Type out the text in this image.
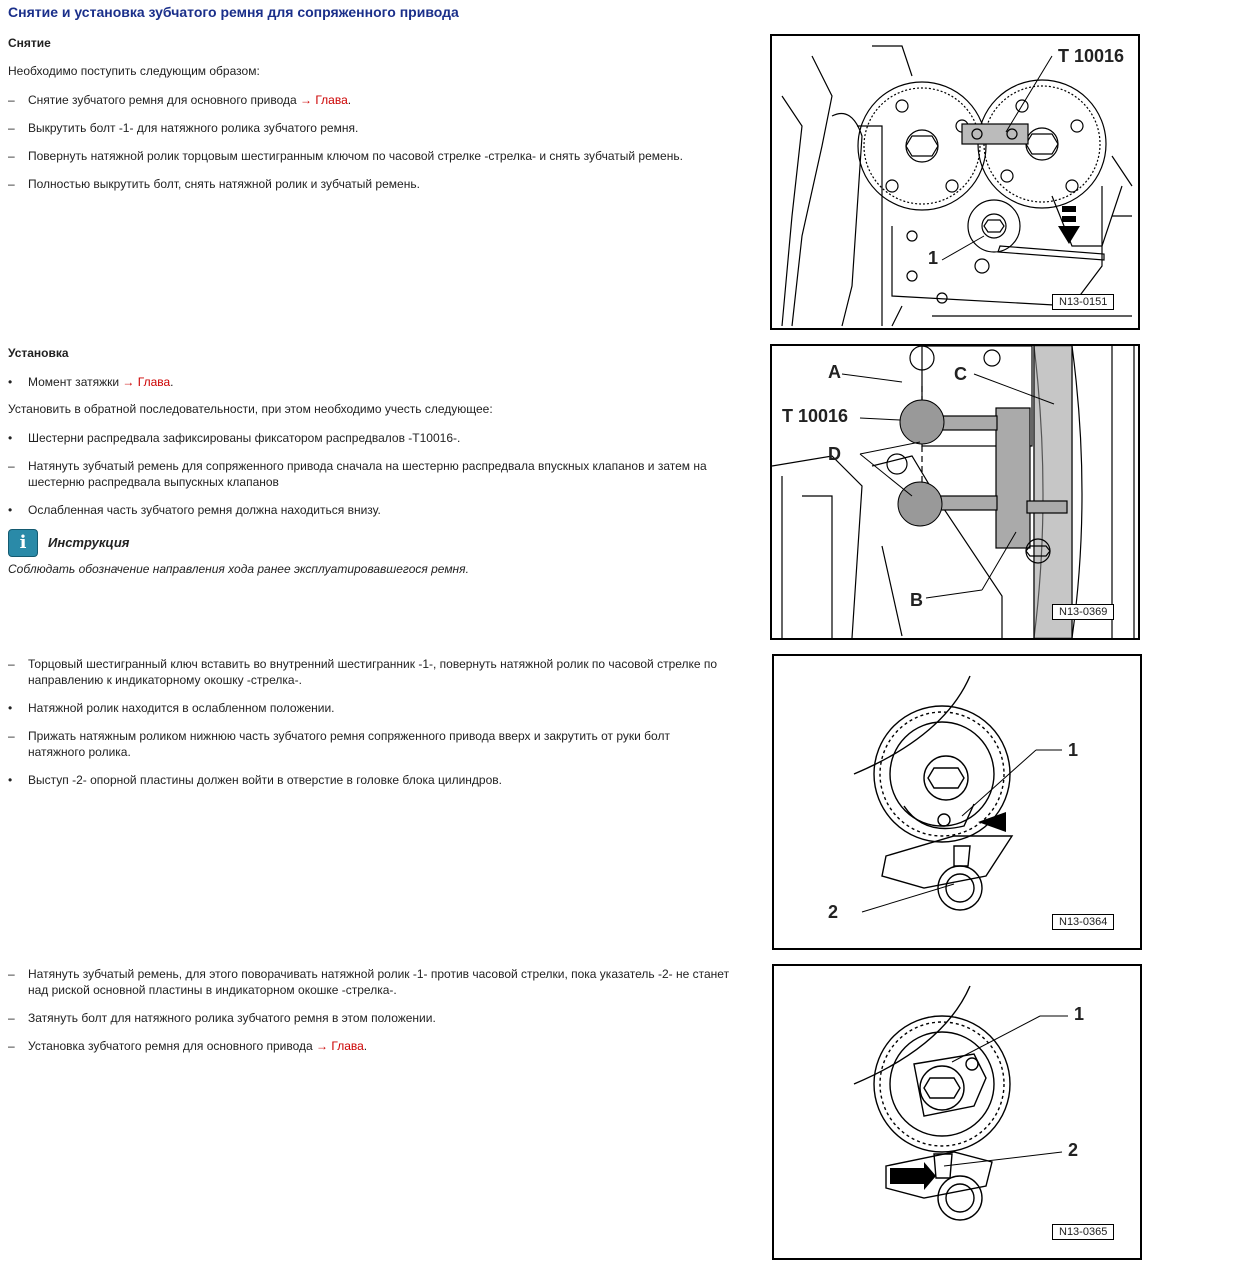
Снятие и установка зубчатого ремня для сопряженного привода
Снятие
Необходимо поступить следующим образом:
–	Снятие зубчатого ремня для основного привода → Глава.
–	Выкрутить болт -1- для натяжного ролика зубчатого ремня.
–	Повернуть натяжной ролик торцовым шестигранным ключом по часовой стрелке -стрелка- и снять зубчатый ремень.
–	Полностью выкрутить болт, снять натяжной ролик и зубчатый ремень.
Установка
•	Момент затяжки → Глава.
Установить в обратной последовательности, при этом необходимо учесть следующее:
•	Шестерни распредвала зафиксированы фиксатором распредвалов -T10016-.
–	Натянуть зубчатый ремень для сопряженного привода сначала на шестерню распредвала впускных клапанов и затем на шестерню распредвала выпускных клапанов
•	Ослабленная часть зубчатого ремня должна находиться внизу.
i	Инструкция
Соблюдать обозначение направления хода ранее эксплуатировавшегося ремня.
–	Торцовый шестигранный ключ вставить во внутренний шестигранник -1-, повернуть натяжной ролик по часовой стрелке по направлению к индикаторному окошку -стрелка-.
•	Натяжной ролик находится в ослабленном положении.
–	Прижать натяжным роликом нижнюю часть зубчатого ремня сопряженного привода вверх и закрутить от руки болт натяжного ролика.
•	Выступ -2- опорной пластины должен войти в отверстие в головке блока цилиндров.
–	Натянуть зубчатый ремень, для этого поворачивать натяжной ролик -1- против часовой стрелки, пока указатель -2- не станет над риской основной пластины в индикаторном окошке -стрелка-.
–	Затянуть болт для натяжного ролика зубчатого ремня в этом положении.
–	Установка зубчатого ремня для основного привода → Глава.
T 10016
1
N13-0151
A	C
T 10016
D
B
N13-0369
1
2	N13-0364
1
2
N13-0365
